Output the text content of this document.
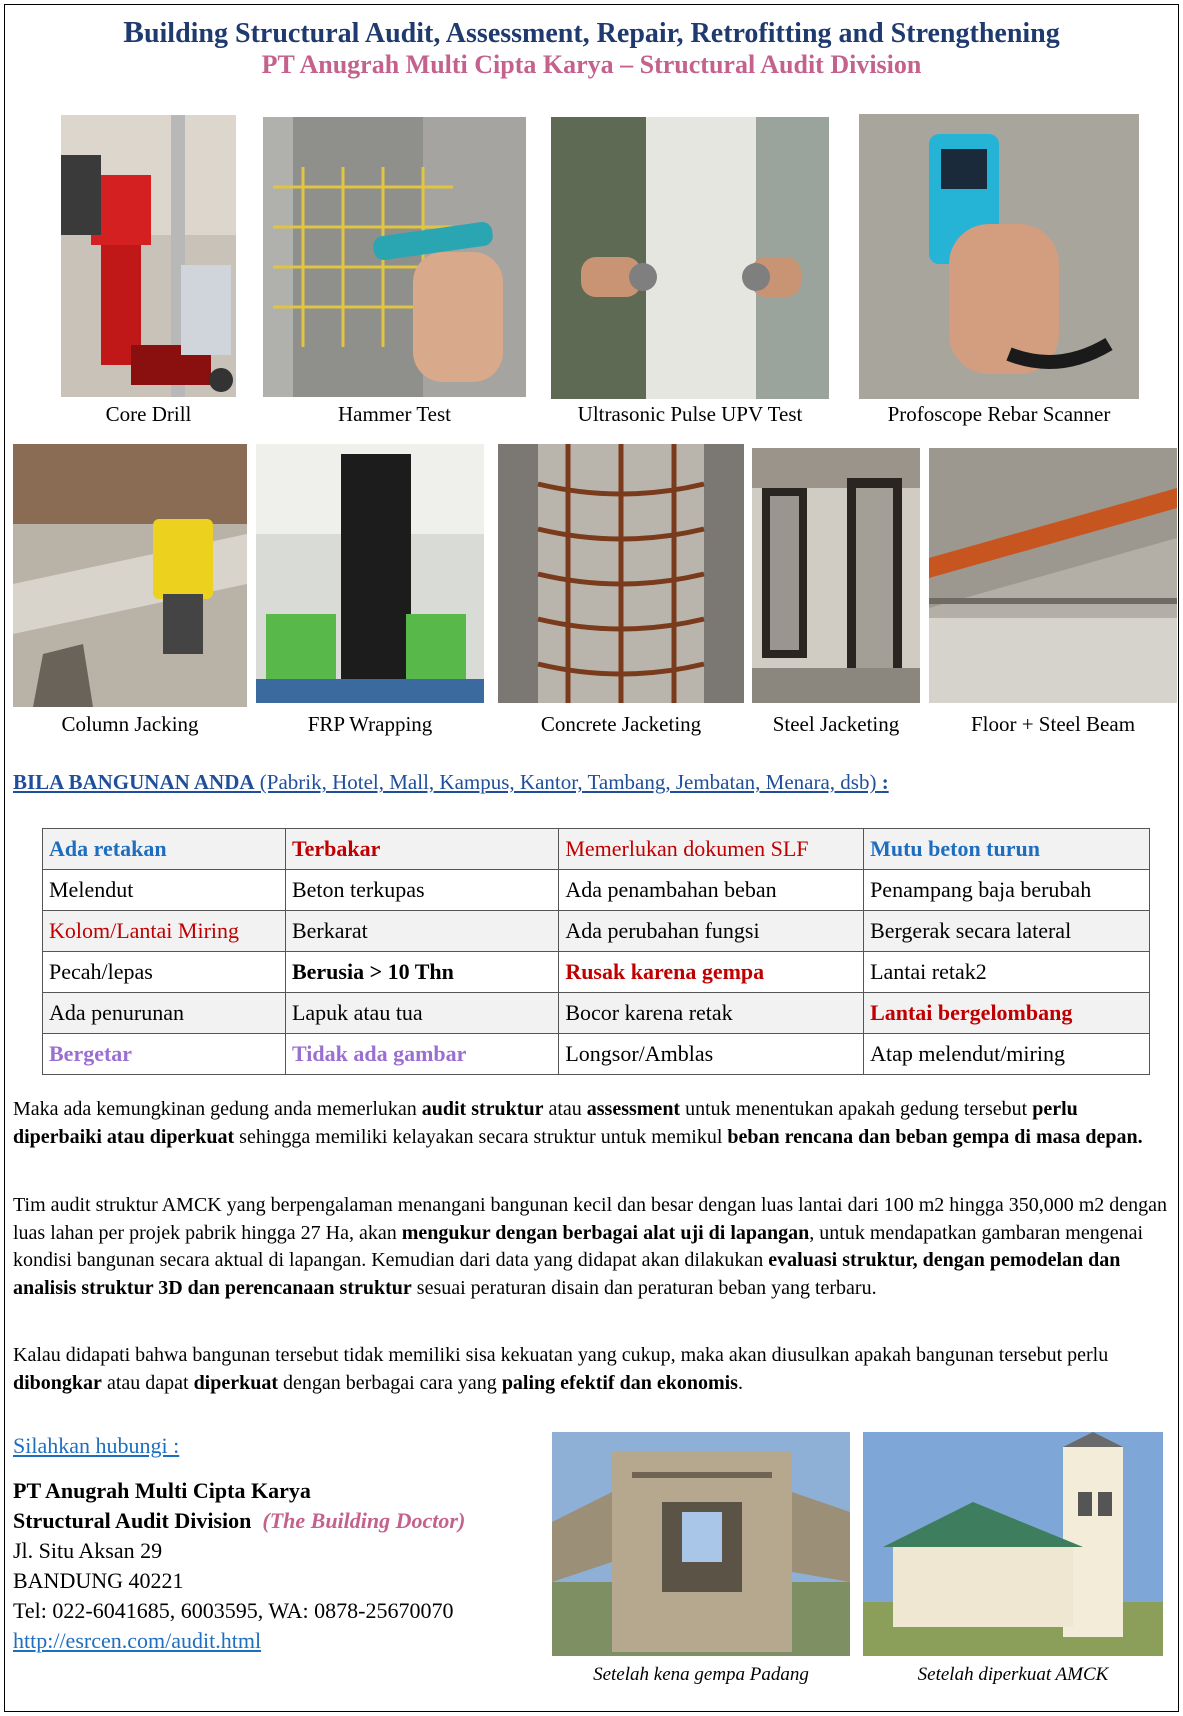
Building Structural Audit, Assessment, Repair, Retrofitting and Strengthening
PT Anugrah Multi Cipta Karya – Structural Audit Division
Core Drill	Hammer Test	Ultrasonic Pulse UPV Test	Profoscope Rebar Scanner
Column Jacking	FRP Wrapping	Concrete Jacketing	Steel Jacketing	Floor + Steel Beam
BILA BANGUNAN ANDA (Pabrik, Hotel, Mall, Kampus, Kantor, Tambang, Jembatan, Menara, dsb) :
Ada retakan	Terbakar	Memerlukan dokumen SLF	Mutu beton turun
Melendut	Beton terkupas	Ada penambahan beban	Penampang baja berubah
Kolom/Lantai Miring	Berkarat	Ada perubahan fungsi	Bergerak secara lateral
Pecah/lepas	Berusia > 10 Thn	Rusak karena gempa	Lantai retak2
Ada penurunan	Lapuk atau tua	Bocor karena retak	Lantai bergelombang
Bergetar	Tidak ada gambar	Longsor/Amblas	Atap melendut/miring
Maka ada kemungkinan gedung anda memerlukan audit struktur atau assessment untuk menentukan apakah gedung tersebut perlu diperbaiki atau diperkuat sehingga memiliki kelayakan secara struktur untuk memikul beban rencana dan beban gempa di masa depan.
Tim audit struktur AMCK yang berpengalaman menangani bangunan kecil dan besar dengan luas lantai dari 100 m2 hingga 350,000 m2 dengan luas lahan per projek pabrik hingga 27 Ha, akan mengukur dengan berbagai alat uji di lapangan, untuk mendapatkan gambaran mengenai kondisi bangunan secara aktual di lapangan. Kemudian dari data yang didapat akan dilakukan evaluasi struktur, dengan pemodelan dan analisis struktur 3D dan perencanaan struktur sesuai peraturan disain dan peraturan beban yang terbaru.
Kalau didapati bahwa bangunan tersebut tidak memiliki sisa kekuatan yang cukup, maka akan diusulkan apakah bangunan tersebut perlu dibongkar atau dapat diperkuat dengan berbagai cara yang paling efektif dan ekonomis.
Silahkan hubungi :
PT Anugrah Multi Cipta Karya
Structural Audit Division (The Building Doctor)
Jl. Situ Aksan 29
BANDUNG 40221
Tel: 022-6041685, 6003595, WA: 0878-25670070
http://esrcen.com/audit.html
Setelah kena gempa Padang	Setelah diperkuat AMCK
